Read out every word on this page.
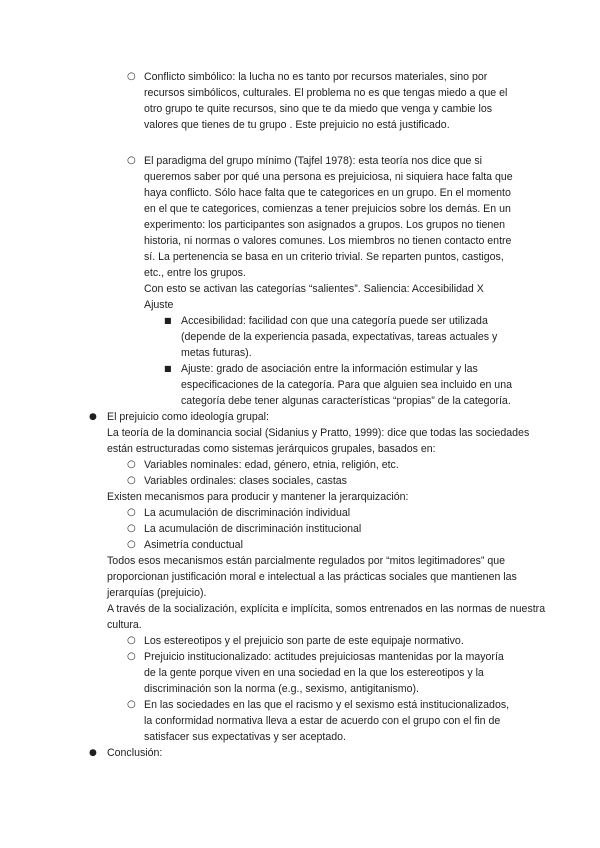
○ Conflicto simbólico: la lucha no es tanto por recursos materiales, sino por recursos simbólicos, culturales. El problema no es que tengas miedo a que el otro grupo te quite recursos, sino que te da miedo que venga y cambie los valores que tienes de tu grupo . Este prejuicio no está justificado.
○ El paradigma del grupo mínimo (Tajfel 1978): esta teoría nos dice que si queremos saber por qué una persona es prejuiciosa, ni siquiera hace falta que haya conflicto. Sólo hace falta que te categorices en un grupo. En el momento en el que te categorices, comienzas a tener prejuicios sobre los demás. En un experimento: los participantes son asignados a grupos. Los grupos no tienen historia, ni normas o valores comunes. Los miembros no tienen contacto entre sí. La pertenencia se basa en un criterio trivial. Se reparten puntos, castigos, etc., entre los grupos.
Con esto se activan las categorías “salientes”. Saliencia: Accesibilidad X Ajuste
■ Accesibilidad: facilidad con que una categoría puede ser utilizada (depende de la experiencia pasada, expectativas, tareas actuales y metas futuras).
■ Ajuste: grado de asociación entre la información estimular y las especificaciones de la categoría. Para que alguien sea incluido en una categoría debe tener algunas características “propias” de la categoría.
● El prejuicio como ideología grupal:
La teoría de la dominancia social (Sidanius y Pratto, 1999): dice que todas las sociedades están estructuradas como sistemas jerárquicos grupales, basados en:
○ Variables nominales: edad, género, etnia, religión, etc.
○ Variables ordinales: clases sociales, castas
Existen mecanismos para producir y mantener la jerarquización:
○ La acumulación de discriminación individual
○ La acumulación de discriminación institucional
○ Asimetría conductual
Todos esos mecanismos están parcialmente regulados por “mitos legitimadores” que proporcionan justificación moral e intelectual a las prácticas sociales que mantienen las jerarquías (prejuicio).
A través de la socialización, explícita e implícita, somos entrenados en las normas de nuestra cultura.
○ Los estereotipos y el prejuicio son parte de este equipaje normativo.
○ Prejuicio institucionalizado: actitudes prejuiciosas mantenidas por la mayoría de la gente porque viven en una sociedad en la que los estereotipos y la discriminación son la norma (e.g., sexismo, antigitanismo).
○ En las sociedades en las que el racismo y el sexismo está institucionalizados, la conformidad normativa lleva a estar de acuerdo con el grupo con el fin de satisfacer sus expectativas y ser aceptado.
● Conclusión:
